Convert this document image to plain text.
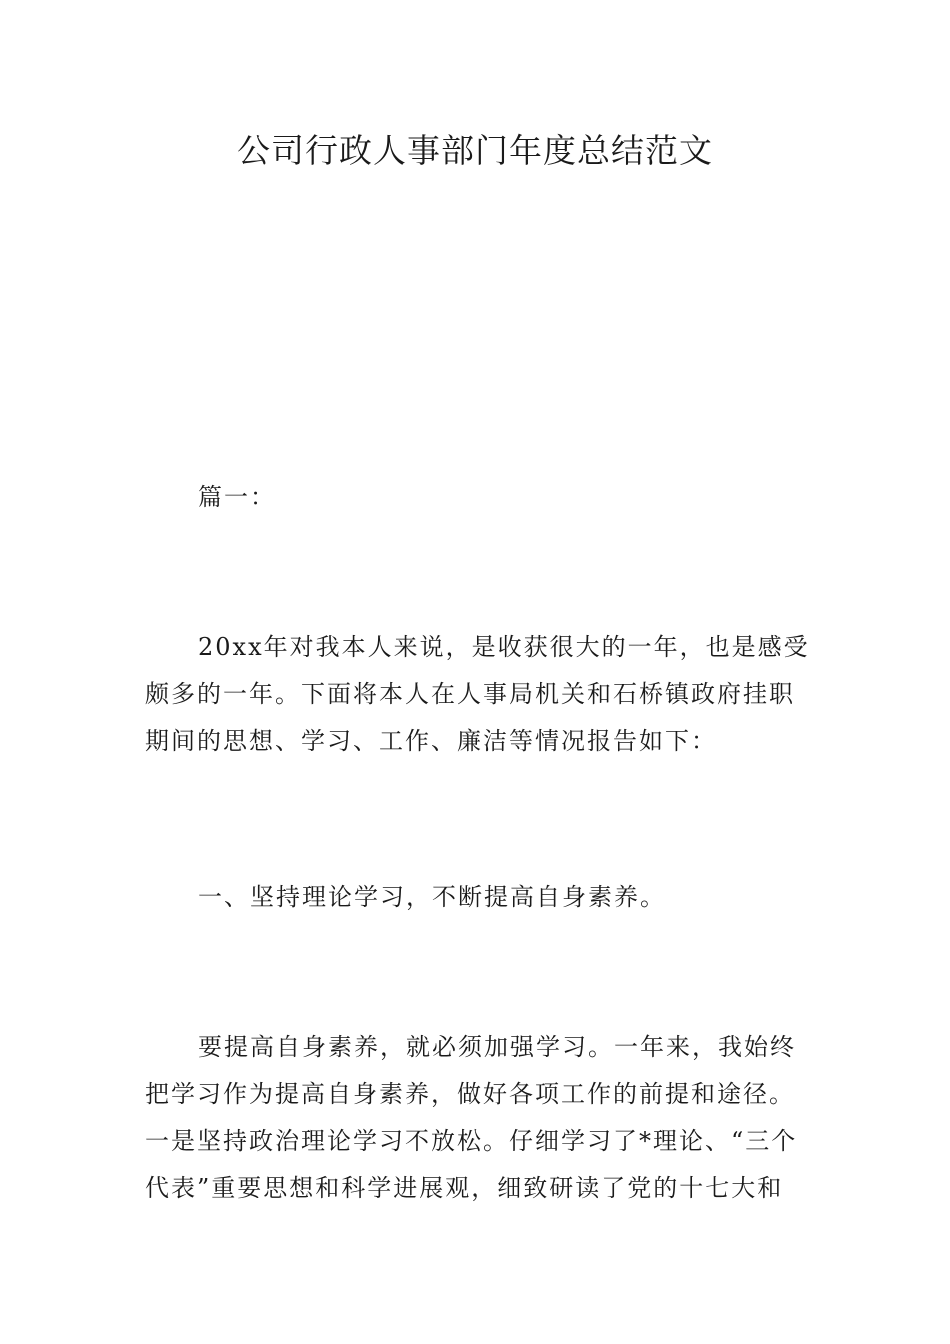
公司行政人事部门年度总结范文

篇一：

20xx年对我本人来说，是收获很大的一年，也是感受
颇多的一年。下面将本人在人事局机关和石桥镇政府挂职
期间的思想、学习、工作、廉洁等情况报告如下：

一、坚持理论学习，不断提高自身素养。

要提高自身素养，就必须加强学习。一年来，我始终
把学习作为提高自身素养，做好各项工作的前提和途径。
一是坚持政治理论学习不放松。仔细学习了*理论、“三个
代表”重要思想和科学进展观，细致研读了党的十七大和
